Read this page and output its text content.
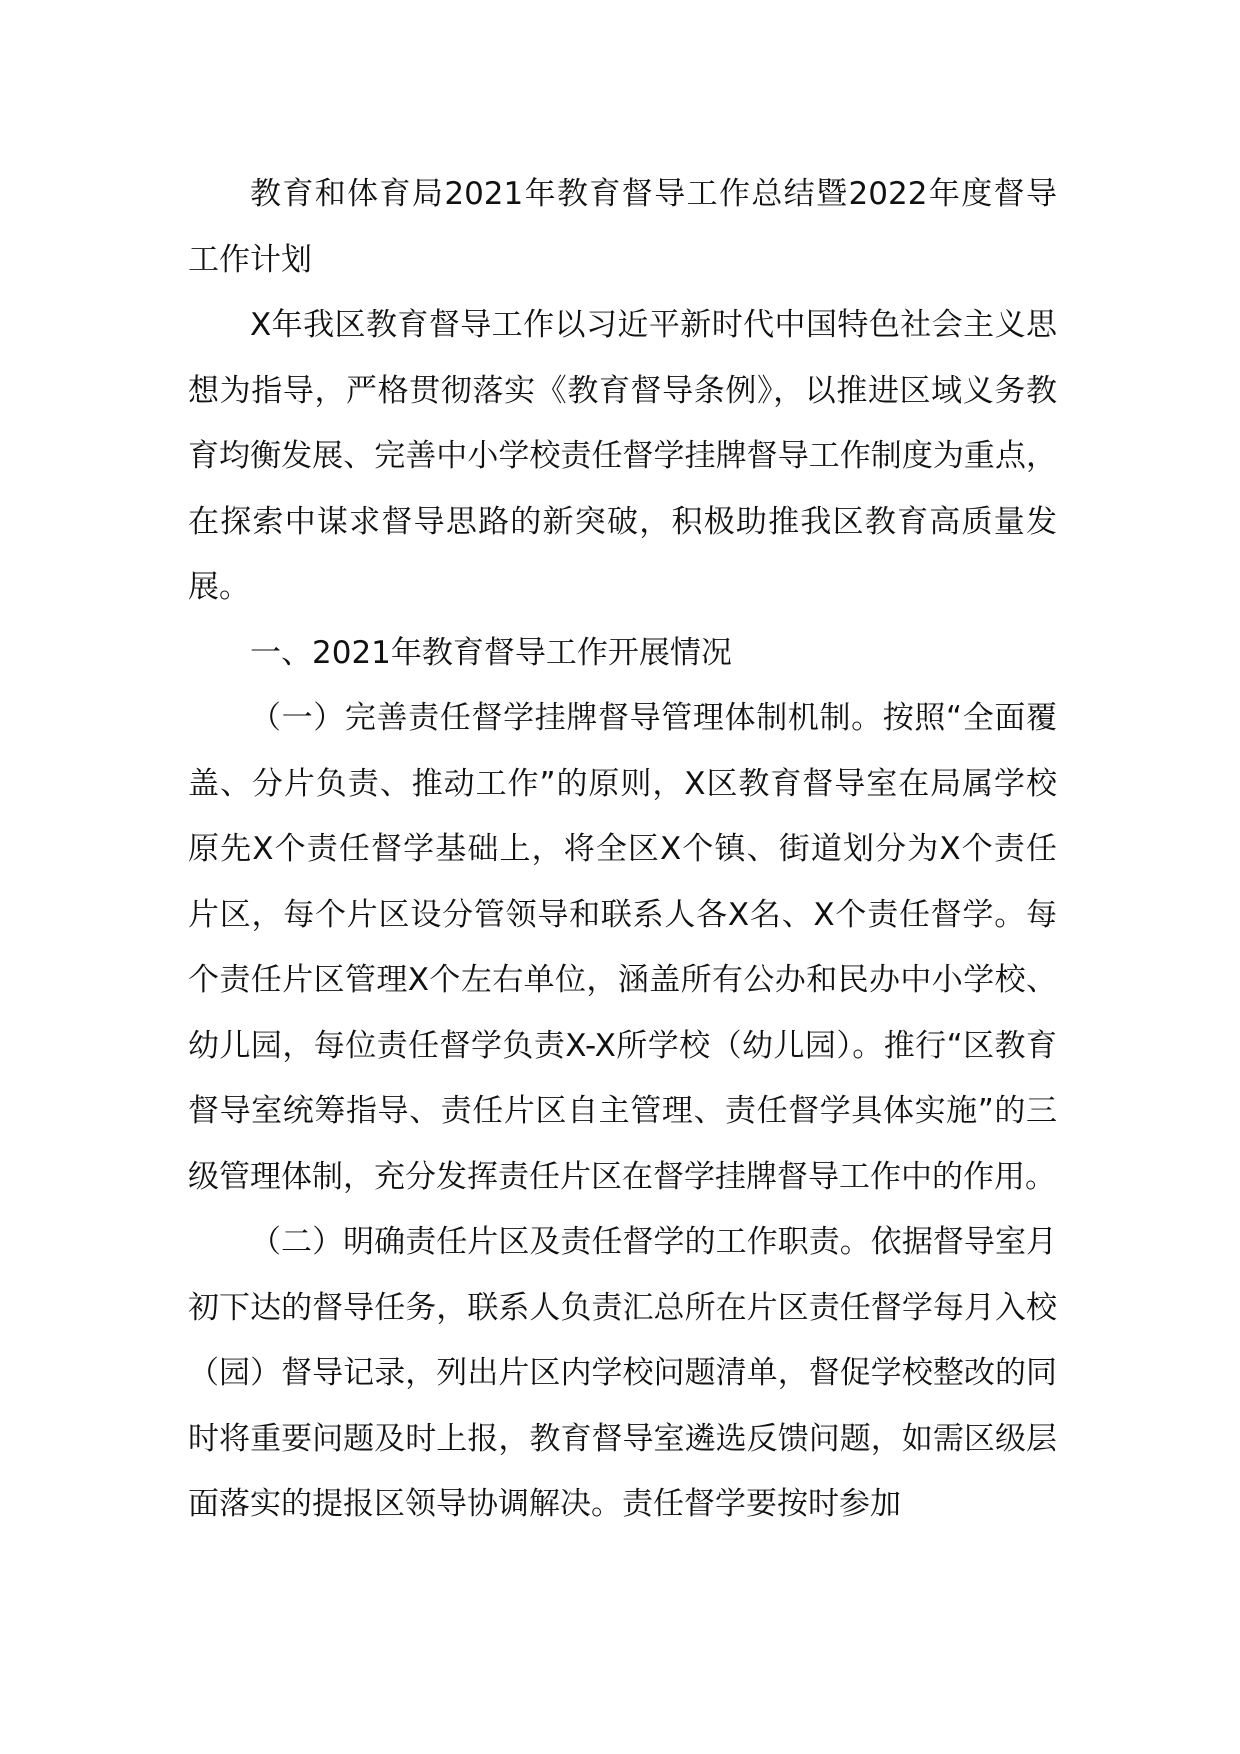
教育和体育局2021年教育督导工作总结暨2022年度督导工作计划

X年我区教育督导工作以习近平新时代中国特色社会主义思想为指导，严格贯彻落实《教育督导条例》，以推进区域义务教育均衡发展、完善中小学校责任督学挂牌督导工作制度为重点，在探索中谋求督导思路的新突破，积极助推我区教育高质量发展。

一、2021年教育督导工作开展情况

（一）完善责任督学挂牌督导管理体制机制。按照“全面覆盖、分片负责、推动工作”的原则，X区教育督导室在局属学校原先X个责任督学基础上，将全区X个镇、街道划分为X个责任片区，每个片区设分管领导和联系人各X名、X个责任督学。每个责任片区管理X个左右单位，涵盖所有公办和民办中小学校、幼儿园，每位责任督学负责X-X所学校（幼儿园）。推行“区教育督导室统筹指导、责任片区自主管理、责任督学具体实施”的三级管理体制，充分发挥责任片区在督学挂牌督导工作中的作用。

（二）明确责任片区及责任督学的工作职责。依据督导室月初下达的督导任务，联系人负责汇总所在片区责任督学每月入校（园）督导记录，列出片区内学校问题清单，督促学校整改的同时将重要问题及时上报，教育督导室遴选反馈问题，如需区级层面落实的提报区领导协调解决。责任督学要按时参加
